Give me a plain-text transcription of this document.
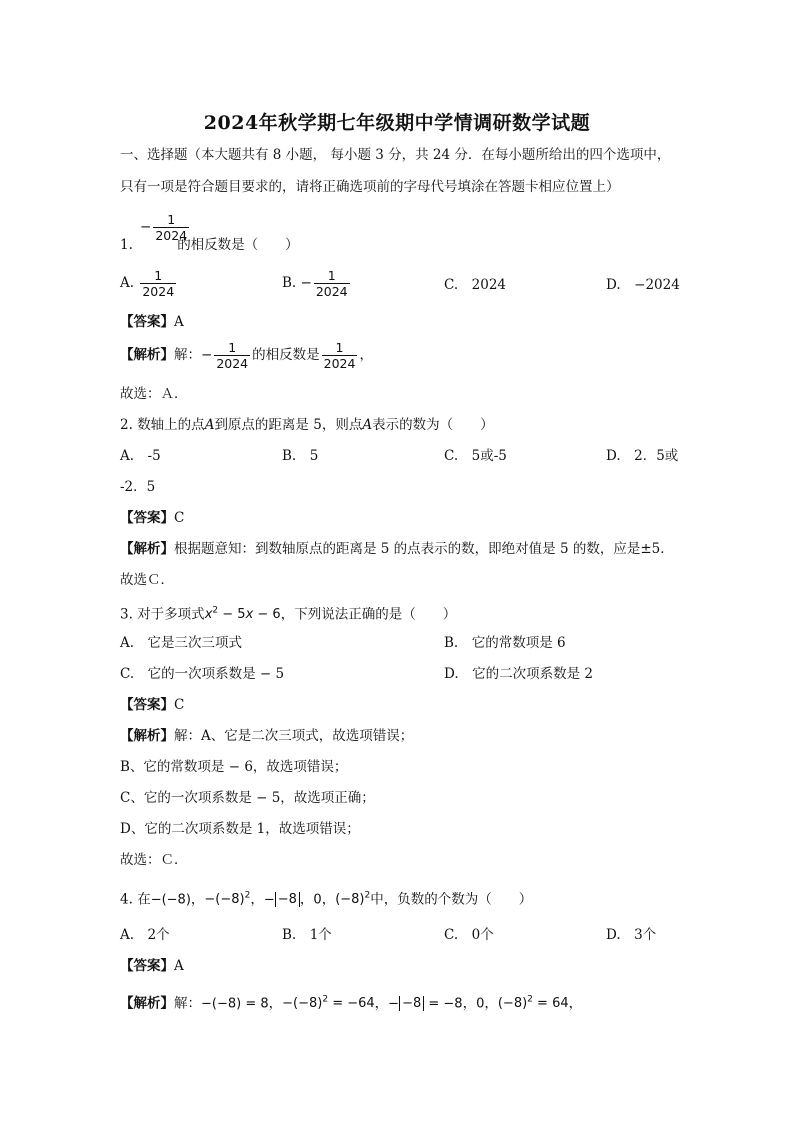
2024年秋学期七年级期中学情调研数学试题
一、选择题（本大题共有 8 小题， 每小题 3 分，共 24 分．在每小题所给出的四个选项中，
只有一项是符合题目要求的，请将正确选项前的字母代号填涂在答题卡相应位置上）
− $\frac{1}{2024}$
1.	的相反数是（　　）
A. $\frac{1}{2024}$	B. − $\frac{1}{2024}$	C.　2024	D.　−2024
【答案】A
【解析】解：− $\frac{1}{2024}$ 的相反数是 $\frac{1}{2024}$ ，
故选：Ａ．
2. 数轴上的点A到原点的距离是 5，则点A表示的数为（　　）
A.　-5	B.　5	C.　5或-5	D.　2．5或
-2．5
【答案】C
【解析】根据题意知：到数轴原点的距离是 5 的点表示的数，即绝对值是 5 的数，应是±5．
故选Ｃ．
3. 对于多项式$x^2 - 5x - 6$，下列说法正确的是（　　）
A.　它是三次三项式	B.　它的常数项是 6
C.　它的一次项系数是 − 5	D.　它的二次项系数是 2
【答案】C
【解析】解：A、它是二次三项式，故选项错误；
B、它的常数项是 − 6，故选项错误；
C、它的一次项系数是 − 5，故选项正确；
D、它的二次项系数是 1，故选项错误；
故选：Ｃ．
4. 在−(−8)，$-(-8)^2$，− −8 ，0，$(-8)^2$中，负数的个数为（　　）
A.　2个	B.　1个	C.　0个	D.　3个
【答案】A
【解析】解：−(−8) = 8，$-(-8)^2 = -64$，− −8 = −8，0，$(-8)^2 = 64$，
